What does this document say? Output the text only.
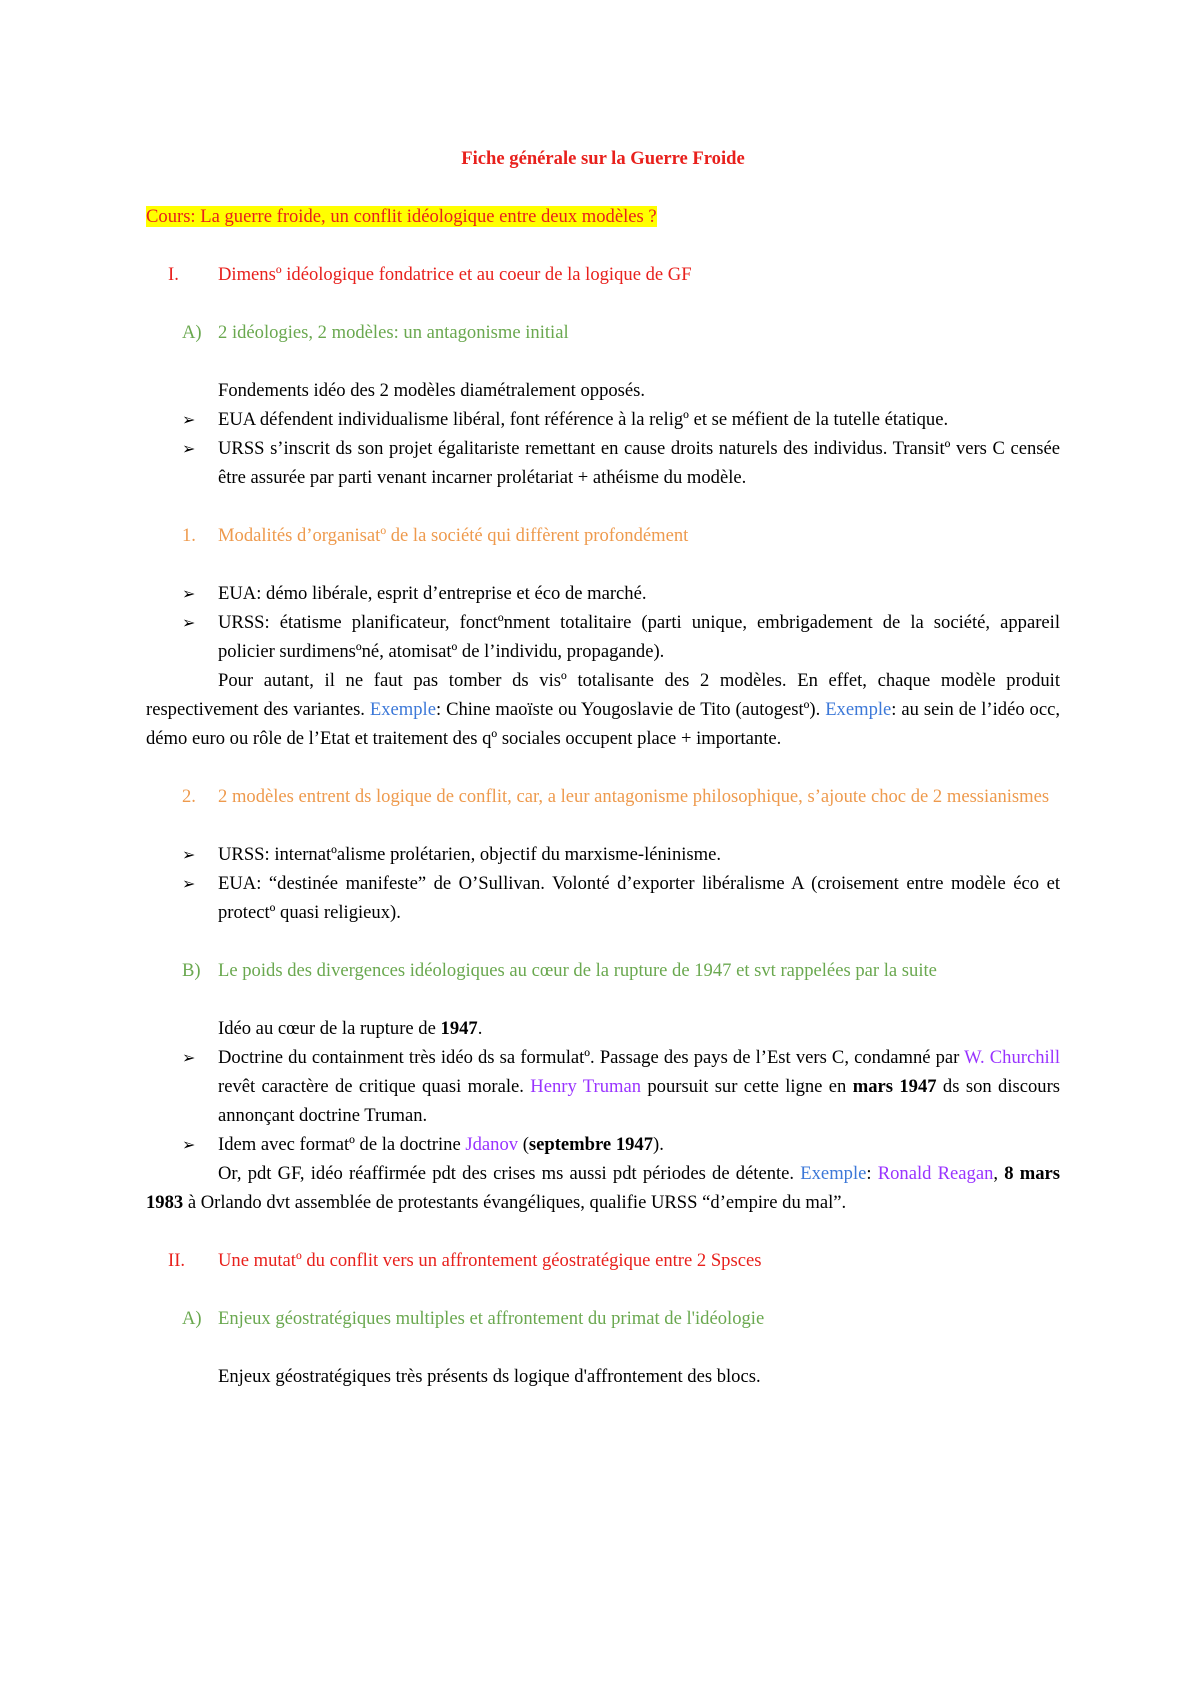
Fiche générale sur la Guerre Froide

Cours: La guerre froide, un conflit idéologique entre deux modèles ?

I.	Dimensº idéologique fondatrice et au coeur de la logique de GF

A) 2 idéologies, 2 modèles: un antagonisme initial

Fondements idéo des 2 modèles diamétralement opposés.

➢ EUA défendent individualisme libéral, font référence à la religº et se méfient de la tutelle étatique.
➢ URSS s’inscrit ds son projet égalitariste remettant en cause droits naturels des individus. Transitº vers C censée être assurée par parti venant incarner prolétariat + athéisme du modèle.

1.	Modalités d’organisatº de la société qui diffèrent profondément

➢ EUA: démo libérale, esprit d’entreprise et éco de marché.
➢ URSS: étatisme planificateur, fonctºnment totalitaire (parti unique, embrigadement de la société, appareil policier surdimensºné, atomisatº de l’individu, propagande).

Pour autant, il ne faut pas tomber ds visº totalisante des 2 modèles. En effet, chaque modèle produit respectivement des variantes. Exemple: Chine maoïste ou Yougoslavie de Tito (autogestº). Exemple: au sein de l’idéo occ, démo euro ou rôle de l’Etat et traitement des qº sociales occupent place + importante.

2.	2 modèles entrent ds logique de conflit, car, a leur antagonisme philosophique, s’ajoute choc de 2 messianismes

➢ URSS: internatºalisme prolétarien, objectif du marxisme-léninisme.
➢ EUA: “destinée manifeste” de O’Sullivan. Volonté d’exporter libéralisme A (croisement entre modèle éco et protectº quasi religieux).

B) Le poids des divergences idéologiques au cœur de la rupture de 1947 et svt rappelées par la suite

Idéo au cœur de la rupture de 1947.

➢ Doctrine du containment très idéo ds sa formulatº. Passage des pays de l’Est vers C, condamné par W. Churchill revêt caractère de critique quasi morale. Henry Truman poursuit sur cette ligne en mars 1947 ds son discours annonçant doctrine Truman.
➢ Idem avec formatº de la doctrine Jdanov (septembre 1947).

Or, pdt GF, idéo réaffirmée pdt des crises ms aussi pdt périodes de détente. Exemple: Ronald Reagan, 8 mars 1983 à Orlando dvt assemblée de protestants évangéliques, qualifie URSS “d’empire du mal”.

II.	Une mutatº du conflit vers un affrontement géostratégique entre 2 Spsces

A) Enjeux géostratégiques multiples et affrontement du primat de l'idéologie

Enjeux géostratégiques très présents ds logique d'affrontement des blocs.
